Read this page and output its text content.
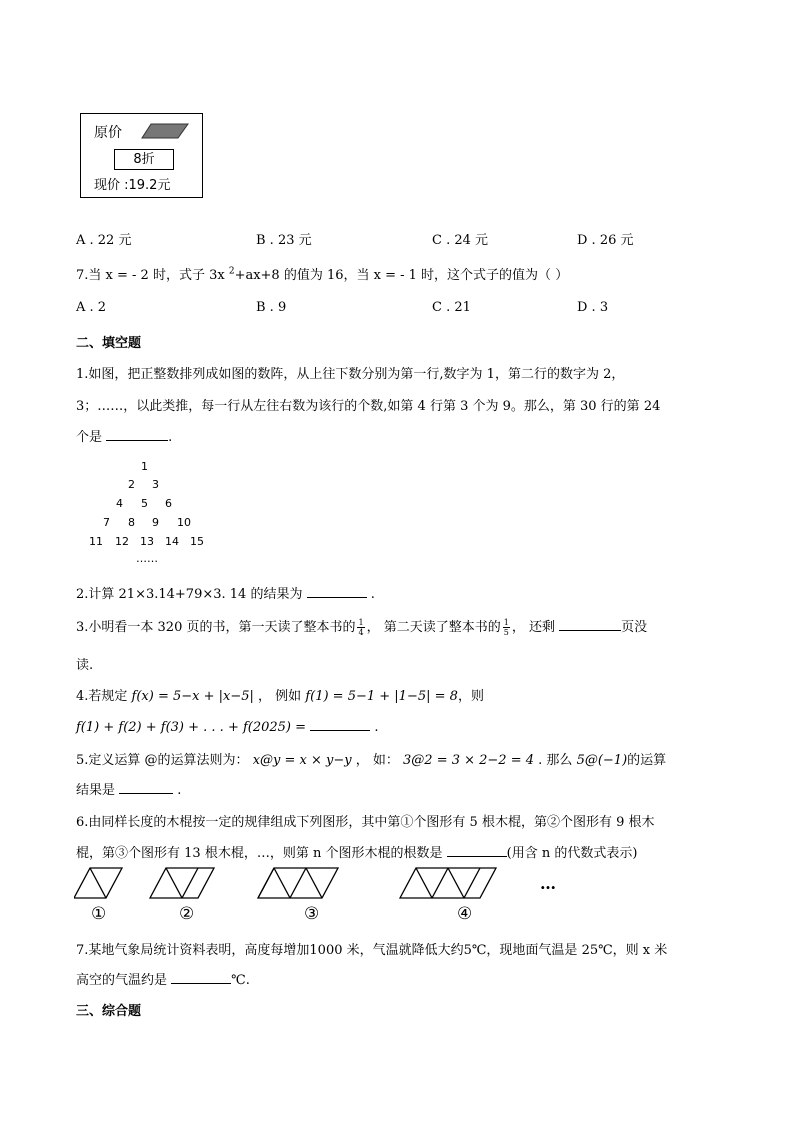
原价
8折
现价 :19.2元
A . 22 元	B . 23 元	C . 24 元	D . 26 元
7.当 x = - 2 时，式子 3x $^2$+ax+8 的值为 16，当 x = - 1 时，这个式子的值为（ ）
A . 2	B . 9	C . 21	D . 3
二、填空题
1.如图，把正整数排列成如图的数阵，从上往下数分别为第一行,数字为 1，第二行的数字为 2，
3；……，以此类推，每一行从左往右数为该行的个数,如第 4 行第 3 个为 9。那么，第 30 行的第 24
个是	.
1
2 3
4 5 6
7 8 9 10
11 12 13 14 15
……
2.计算 21×3.14+79×3. 14 的结果为	.
3.小明看一本 320 页的书，第一天读了整本书的 $\frac{1}{4}$ ， 第二天读了整本书的 $\frac{1}{5}$ ， 还剩	页没
读.
4.若规定 f(x) = 5−x + |x−5| ， 例如 f(1) = 5−1 + |1−5| = 8，则
f(1) + f(2) + f(3) + . . . + f(2025) =	.
5.定义运算 @的运算法则为： x@y = x × y−y ， 如： 3@2 = 3 × 2−2 = 4 . 那么 5@(−1)的运算
结果是	.
6.由同样长度的木棍按一定的规律组成下列图形，其中第①个图形有 5 根木棍，第②个图形有 9 根木
棍，第③个图形有 13 根木棍，…，则第 n 个图形木棍的根数是	(用含 n 的代数式表示)
…
①	②	③	④
7.某地气象局统计资料表明，高度每增加1000 米，气温就降低大约5℃，现地面气温是 25℃，则 x 米
高空的气温约是	℃.
三、综合题
